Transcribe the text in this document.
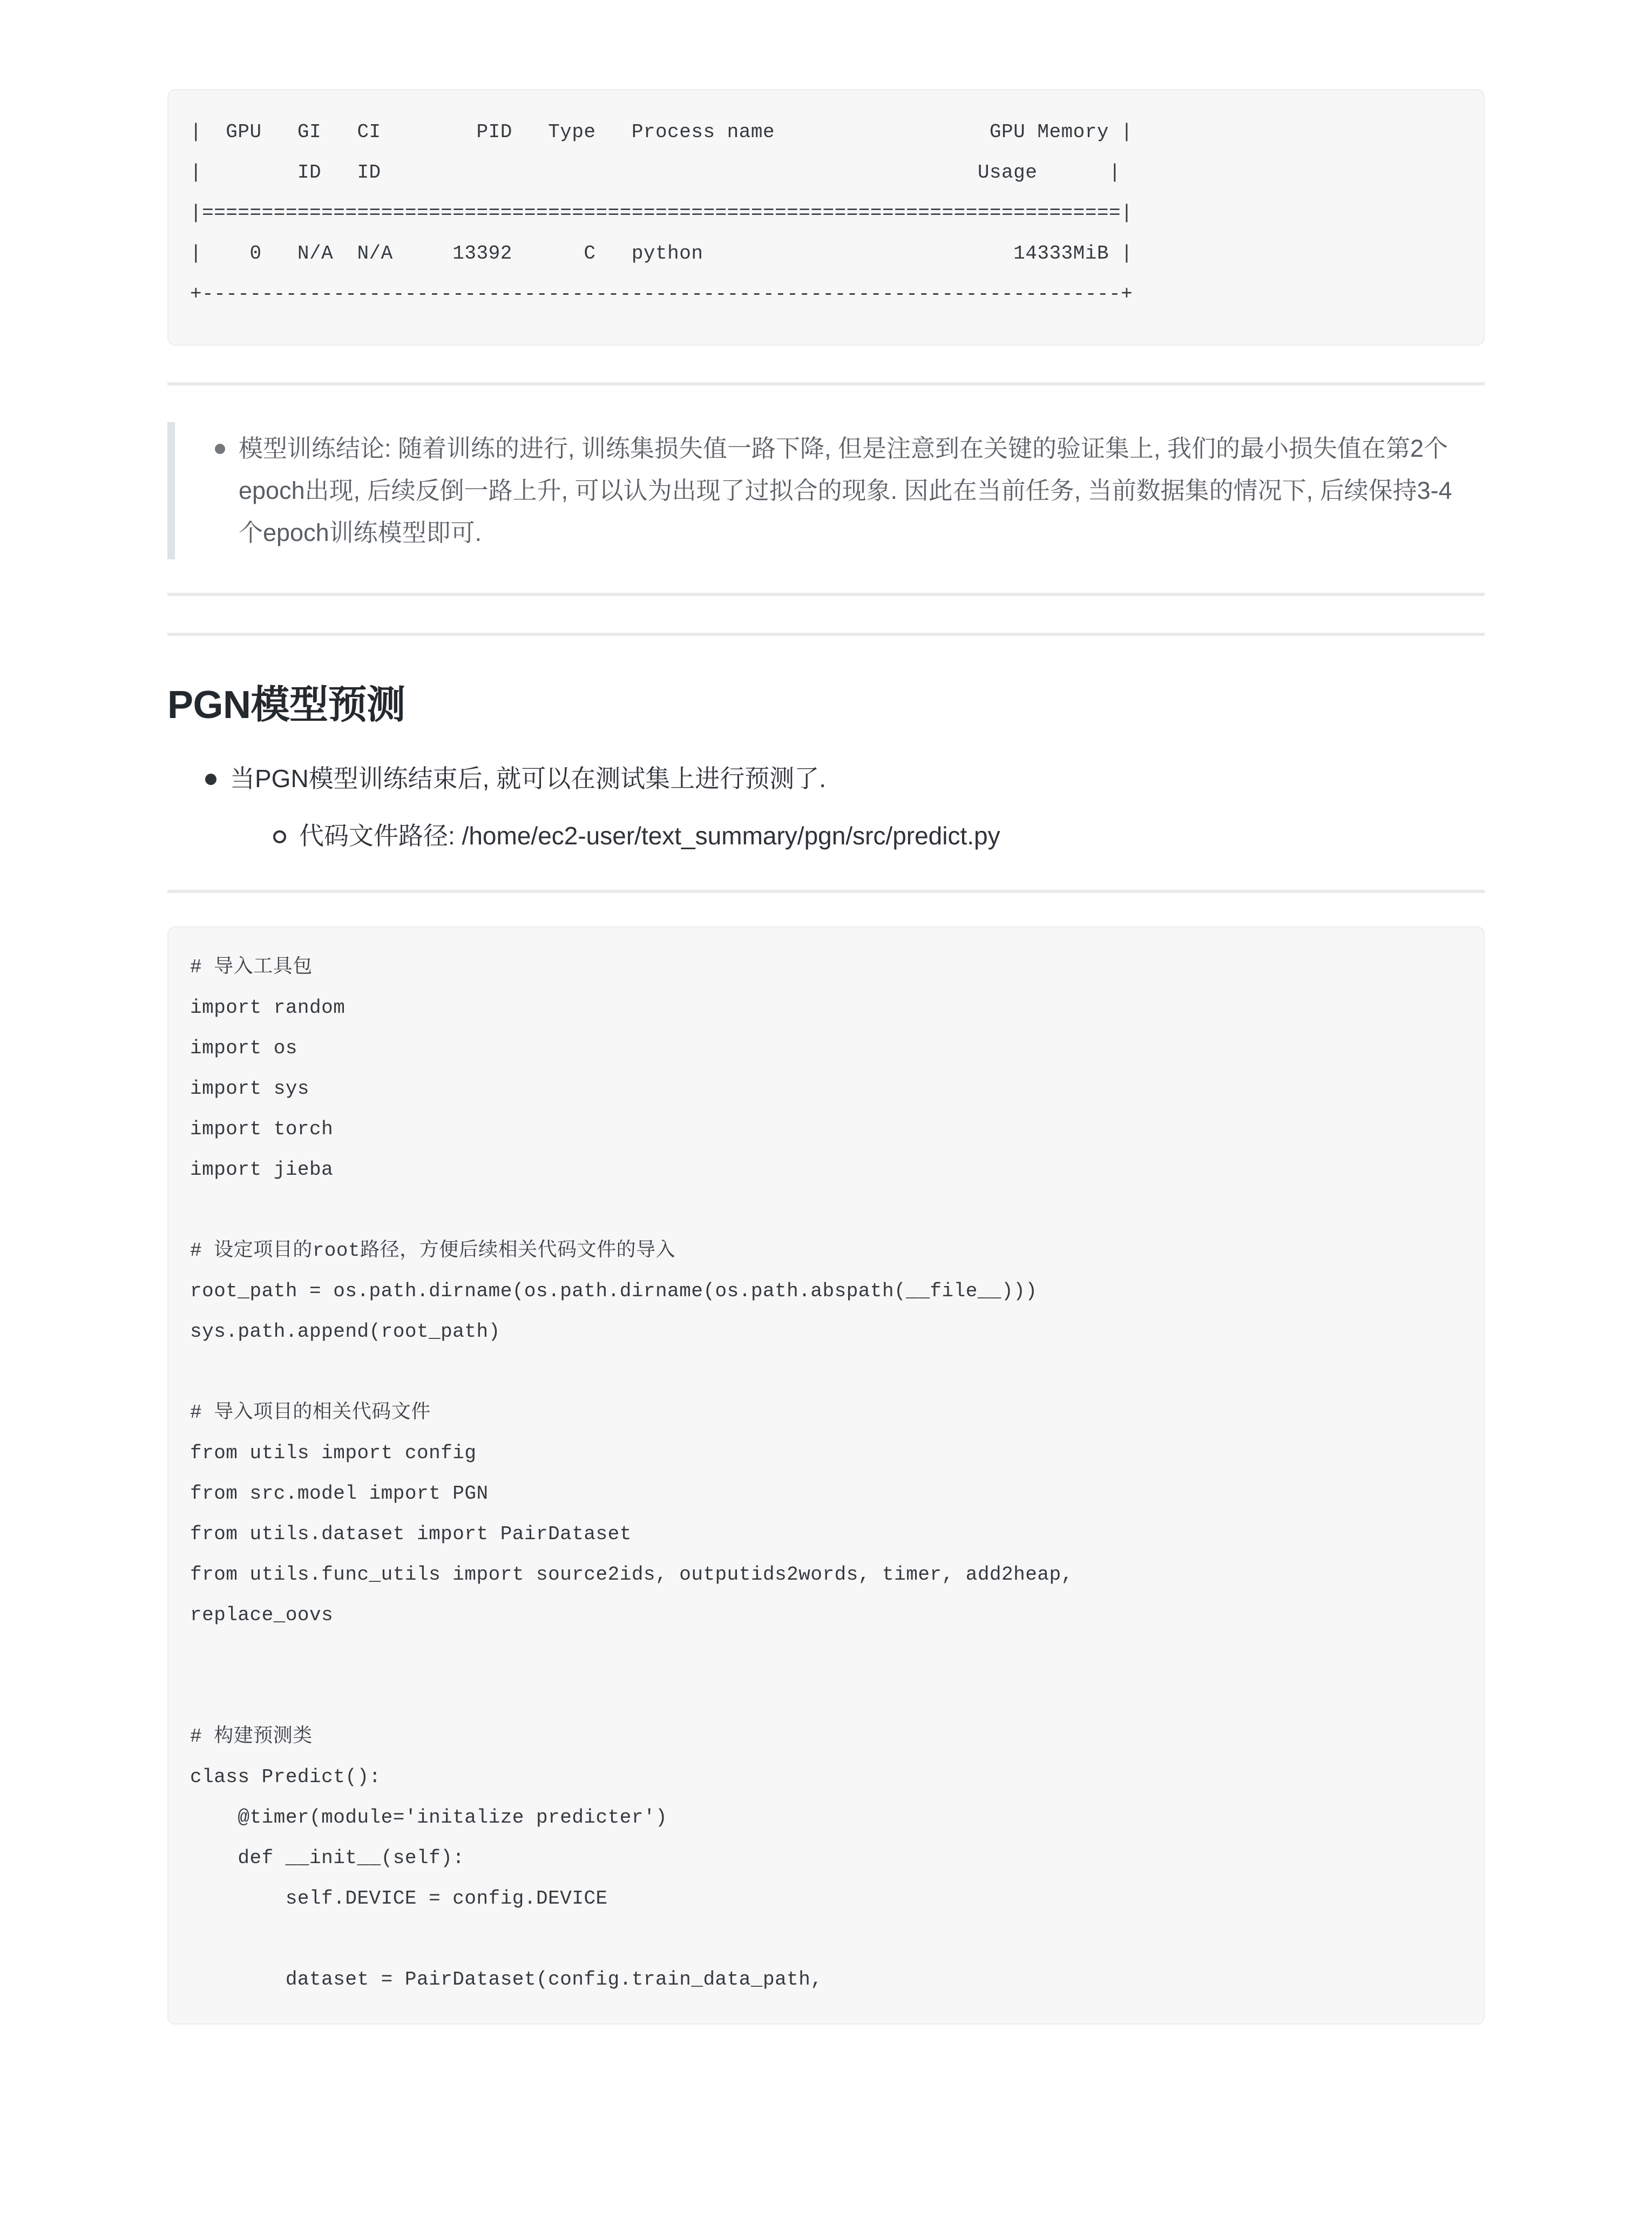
|  GPU   GI   CI        PID   Type   Process name                  GPU Memory |
|        ID   ID                                                  Usage      |
|=============================================================================|
|    0   N/A  N/A     13392      C   python                          14333MiB |
+-----------------------------------------------------------------------------+
模型训练结论: 随着训练的进行, 训练集损失值一路下降, 但是注意到在关键的验证集上, 我们的最小损失值在第2个epoch出现, 后续反倒一路上升, 可以认为出现了过拟合的现象. 因此在当前任务, 当前数据集的情况下, 后续保持3-4个epoch训练模型即可.
PGN模型预测
当PGN模型训练结束后, 就可以在测试集上进行预测了.
代码文件路径: /home/ec2-user/text_summary/pgn/src/predict.py
# 导入工具包
import random
import os
import sys
import torch
import jieba

# 设定项目的root路径，方便后续相关代码文件的导入
root_path = os.path.dirname(os.path.dirname(os.path.abspath(__file__)))
sys.path.append(root_path)

# 导入项目的相关代码文件
from utils import config
from src.model import PGN
from utils.dataset import PairDataset
from utils.func_utils import source2ids, outputids2words, timer, add2heap,
replace_oovs

# 构建预测类
class Predict():
@timer(module='initalize predicter')
def __init__(self):
self.DEVICE = config.DEVICE

dataset = PairDataset(config.train_data_path,
